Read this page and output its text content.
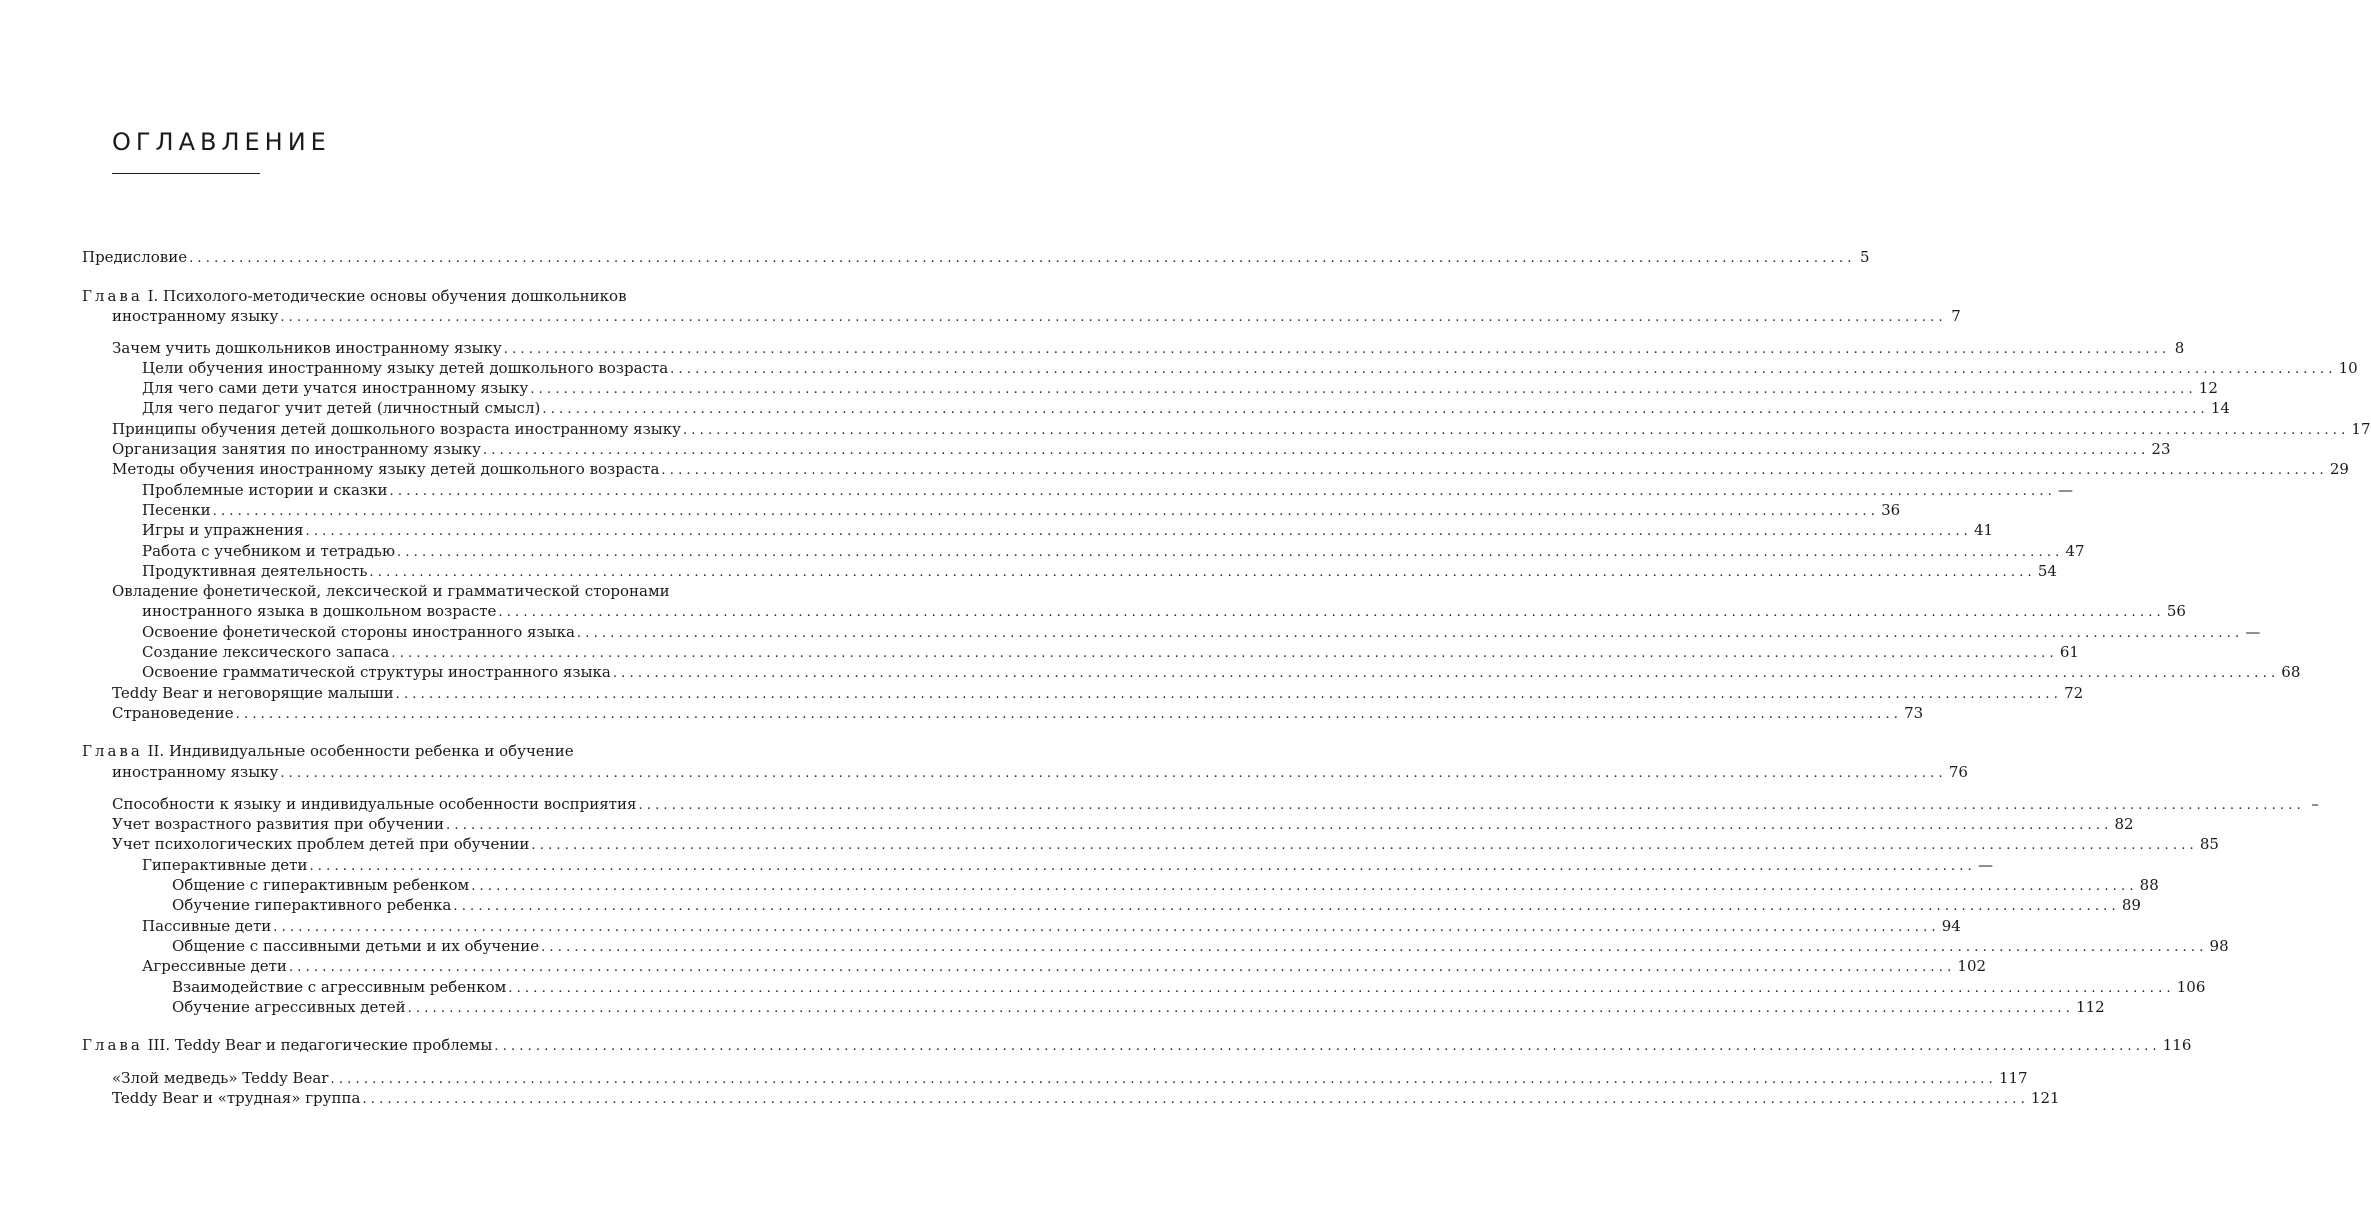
ОГЛАВЛЕНИЕ
Предисловие ........................................................................................................................................................................................................ 5
Глава I. Психолого-методические основы обучения дошкольников
иностранному языку ........................................................................................................................................................................................................ 7
Зачем учить дошкольников иностранному языку ........................................................................................................................................................................................................ 8
Цели обучения иностранному языку детей дошкольного возраста ........................................................................................................................................................................................................ 10
Для чего сами дети учатся иностранному языку ........................................................................................................................................................................................................ 12
Для чего педагог учит детей (личностный смысл) ........................................................................................................................................................................................................ 14
Принципы обучения детей дошкольного возраста иностранному языку ........................................................................................................................................................................................................ 17
Организация занятия по иностранному языку ........................................................................................................................................................................................................ 23
Методы обучения иностранному языку детей дошкольного возраста ........................................................................................................................................................................................................ 29
Проблемные истории и сказки ........................................................................................................................................................................................................ —
Песенки ........................................................................................................................................................................................................ 36
Игры и упражнения ........................................................................................................................................................................................................ 41
Работа с учебником и тетрадью ........................................................................................................................................................................................................ 47
Продуктивная деятельность ........................................................................................................................................................................................................ 54
Овладение фонетической, лексической и грамматической сторонами
иностранного языка в дошкольном возрасте ........................................................................................................................................................................................................ 56
Освоение фонетической стороны иностранного языка ........................................................................................................................................................................................................ —
Создание лексического запаса ........................................................................................................................................................................................................ 61
Освоение грамматической структуры иностранного языка ........................................................................................................................................................................................................ 68
Teddy Bear и неговорящие малыши ........................................................................................................................................................................................................ 72
Страноведение ........................................................................................................................................................................................................ 73
Глава II. Индивидуальные особенности ребенка и обучение
иностранному языку ........................................................................................................................................................................................................ 76
Способности к языку и индивидуальные особенности восприятия ........................................................................................................................................................................................................ –
Учет возрастного развития при обучении ........................................................................................................................................................................................................ 82
Учет психологических проблем детей при обучении ........................................................................................................................................................................................................ 85
Гиперактивные дети ........................................................................................................................................................................................................ —
Общение с гиперактивным ребенком ........................................................................................................................................................................................................ 88
Обучение гиперактивного ребенка ........................................................................................................................................................................................................ 89
Пассивные дети ........................................................................................................................................................................................................ 94
Общение с пассивными детьми и их обучение ........................................................................................................................................................................................................ 98
Агрессивные дети ........................................................................................................................................................................................................ 102
Взаимодействие с агрессивным ребенком ........................................................................................................................................................................................................ 106
Обучение агрессивных детей ........................................................................................................................................................................................................ 112
Глава III. Teddy Bear и педагогические проблемы ........................................................................................................................................................................................................ 116
«Злой медведь» Teddy Bear ........................................................................................................................................................................................................ 117
Teddy Bear и «трудная» группа ........................................................................................................................................................................................................ 121
